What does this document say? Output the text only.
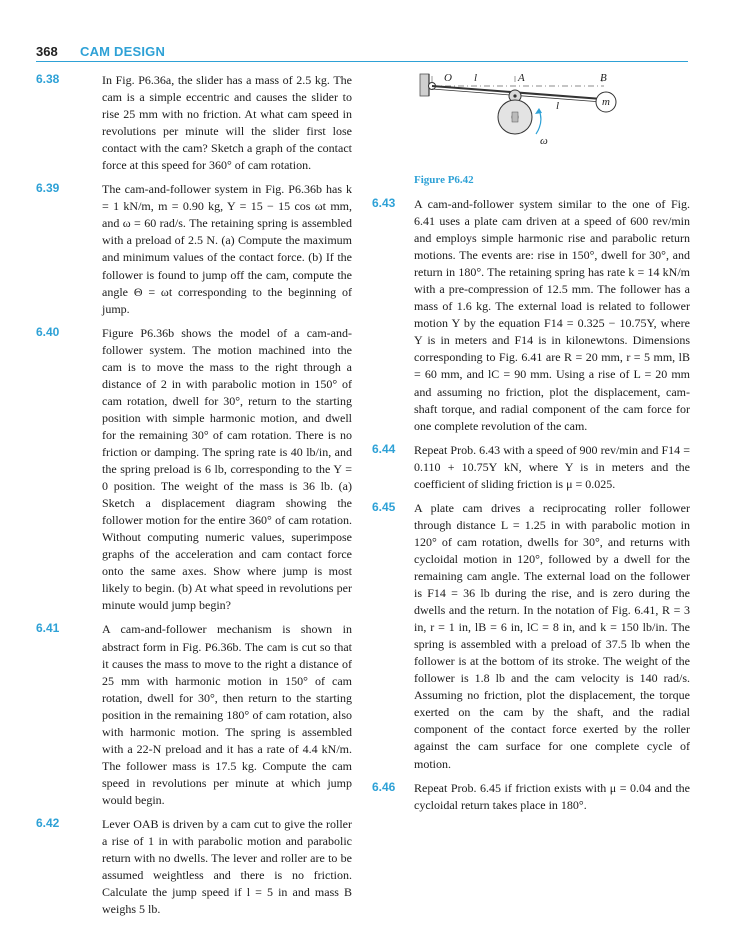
368 CAM DESIGN
6.38	In Fig. P6.36a, the slider has a mass of 2.5 kg. The cam is a simple eccentric and causes the slider to rise 25 mm with no friction. At what cam speed in revolutions per minute will the slider first lose contact with the cam? Sketch a graph of the contact force at this speed for 360° of cam rotation.

6.39	The cam-and-follower system in Fig. P6.36b has k = 1 kN/m, m = 0.90 kg, Y = 15 − 15 cos ωt mm, and ω = 60 rad/s. The retaining spring is assembled with a preload of 2.5 N. (a) Compute the maximum and minimum values of the contact force. (b) If the follower is found to jump off the cam, compute the angle Θ = ωt corresponding to the beginning of jump.

6.40	Figure P6.36b shows the model of a cam-and-follower system. The motion machined into the cam is to move the mass to the right through a distance of 2 in with parabolic motion in 150° of cam rotation, dwell for 30°, return to the starting position with simple harmonic motion, and dwell for the remaining 30° of cam rotation. There is no friction or damping. The spring rate is 40 lb/in, and the spring preload is 6 lb, corresponding to the Y = 0 position. The weight of the mass is 36 lb. (a) Sketch a displacement diagram showing the follower motion for the entire 360° of cam rotation. Without computing numeric values, superimpose graphs of the acceleration and cam contact force onto the same axes. Show where jump is most likely to begin. (b) At what speed in revolutions per minute would jump begin?

6.41	A cam-and-follower mechanism is shown in abstract form in Fig. P6.36b. The cam is cut so that it causes the mass to move to the right a distance of 25 mm with harmonic motion in 150° of cam rotation, dwell for 30°, then return to the starting position in the remaining 180° of cam rotation, also with harmonic motion. The spring is assembled with a 22-N preload and it has a rate of 4.4 kN/m. The follower mass is 17.5 kg. Compute the cam speed in revolutions per minute at which jump would begin.

6.42	Lever OAB is driven by a cam cut to give the roller a rise of 1 in with parabolic motion and parabolic return with no dwells. The lever and roller are to be assumed weightless and there is no friction. Calculate the jump speed if l = 5 in and mass B weighs 5 lb.

O l	A	B
l	m
ω
Figure P6.42
6.43 A cam-and-follower system similar to the one of Fig. 6.41 uses a plate cam driven at a speed of 600 rev/min and employs simple harmonic rise and parabolic return motions. The events are: rise in 150°, dwell for 30°, and return in 180°. The retaining spring has rate k = 14 kN/m with a pre-compression of 12.5 mm. The follower has a mass of 1.6 kg. The external load is related to follower motion Y by the equation F14 = 0.325 − 10.75Y, where Y is in meters and F14 is in kilonewtons. Dimensions corresponding to Fig. 6.41 are R = 20 mm, r = 5 mm, lB = 60 mm, and lC = 90 mm. Using a rise of L = 20 mm and assuming no friction, plot the displacement, cam-shaft torque, and radial component of the cam force for one complete revolution of the cam.

6.44 Repeat Prob. 6.43 with a speed of 900 rev/min and F14 = 0.110 + 10.75Y kN, where Y is in meters and the coefficient of sliding friction is μ = 0.025.

6.45 A plate cam drives a reciprocating roller follower through distance L = 1.25 in with parabolic motion in 120° of cam rotation, dwells for 30°, and returns with cycloidal motion in 120°, followed by a dwell for the remaining cam angle. The external load on the follower is F14 = 36 lb during the rise, and is zero during the dwells and the return. In the notation of Fig. 6.41, R = 3 in, r = 1 in, lB = 6 in, lC = 8 in, and k = 150 lb/in. The spring is assembled with a preload of 37.5 lb when the follower is at the bottom of its stroke. The weight of the follower is 1.8 lb and the cam velocity is 140 rad/s. Assuming no friction, plot the displacement, the torque exerted on the cam by the shaft, and the radial component of the contact force exerted by the roller against the cam surface for one complete cycle of motion.

6.46 Repeat Prob. 6.45 if friction exists with μ = 0.04 and the cycloidal return takes place in 180°.
